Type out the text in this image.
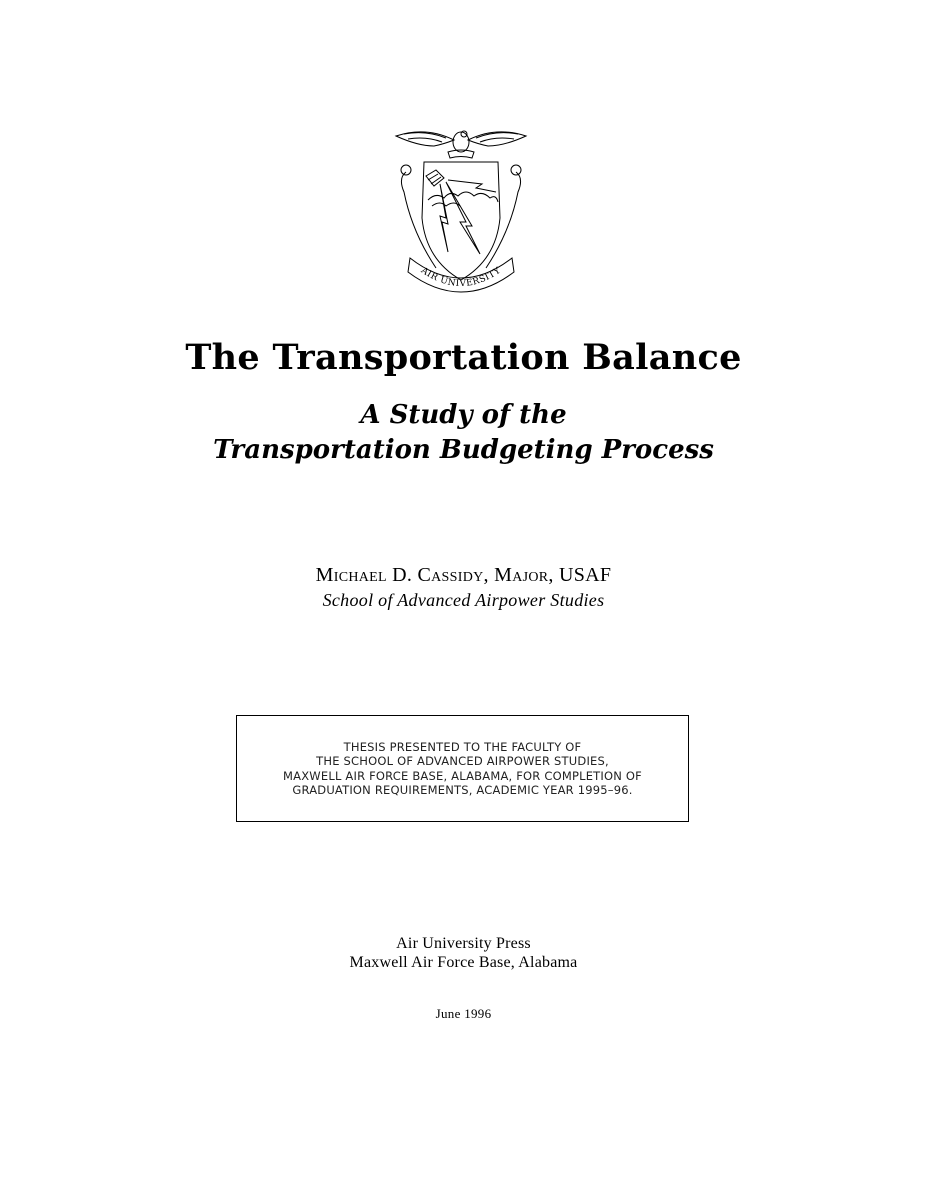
AIR UNIVERSITY
The Transportation Balance
A Study of the
Transportation Budgeting Process
Michael D. Cassidy, Major, USAF
School of Advanced Airpower Studies
THESIS PRESENTED TO THE FACULTY OF
THE SCHOOL OF ADVANCED AIRPOWER STUDIES,
MAXWELL AIR FORCE BASE, ALABAMA, FOR COMPLETION OF
GRADUATION REQUIREMENTS, ACADEMIC YEAR 1995–96.
Air University Press
Maxwell Air Force Base, Alabama
June 1996
